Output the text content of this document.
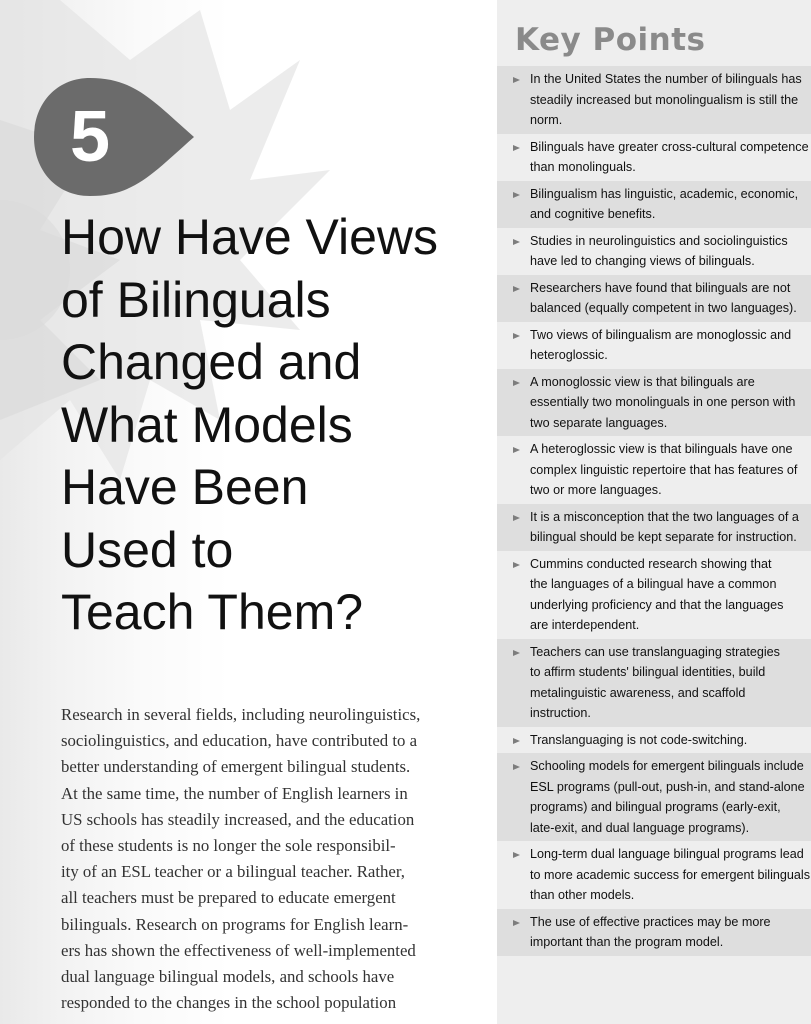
5
How Have Views
of Bilinguals
Changed and
What Models
Have Been
Used to
Teach Them?

Research in several fields, including neurolinguistics,
sociolinguistics, and education, have contributed to a
better understanding of emergent bilingual students.
At the same time, the number of English learners in
US schools has steadily increased, and the education
of these students is no longer the sole responsibil-
ity of an ESL teacher or a bilingual teacher. Rather,
all teachers must be prepared to educate emergent
bilinguals. Research on programs for English learn-
ers has shown the effectiveness of well-implemented
dual language bilingual models, and schools have
responded to the changes in the school population

Key Points
In the United States the number of bilinguals has
steadily increased but monolingualism is still the
norm.
Bilinguals have greater cross-cultural competence
than monolinguals.
Bilingualism has linguistic, academic, economic,
and cognitive benefits.
Studies in neurolinguistics and sociolinguistics
have led to changing views of bilinguals.
Researchers have found that bilinguals are not
balanced (equally competent in two languages).
Two views of bilingualism are monoglossic and
heteroglossic.
A monoglossic view is that bilinguals are
essentially two monolinguals in one person with
two separate languages.
A heteroglossic view is that bilinguals have one
complex linguistic repertoire that has features of
two or more languages.
It is a misconception that the two languages of a
bilingual should be kept separate for instruction.
Cummins conducted research showing that
the languages of a bilingual have a common
underlying proficiency and that the languages
are interdependent.
Teachers can use translanguaging strategies
to affirm students' bilingual identities, build
metalinguistic awareness, and scaffold
instruction.
Translanguaging is not code-switching.
Schooling models for emergent bilinguals include
ESL programs (pull-out, push-in, and stand-alone
programs) and bilingual programs (early-exit,
late-exit, and dual language programs).
Long-term dual language bilingual programs lead
to more academic success for emergent bilinguals
than other models.
The use of effective practices may be more
important than the program model.
